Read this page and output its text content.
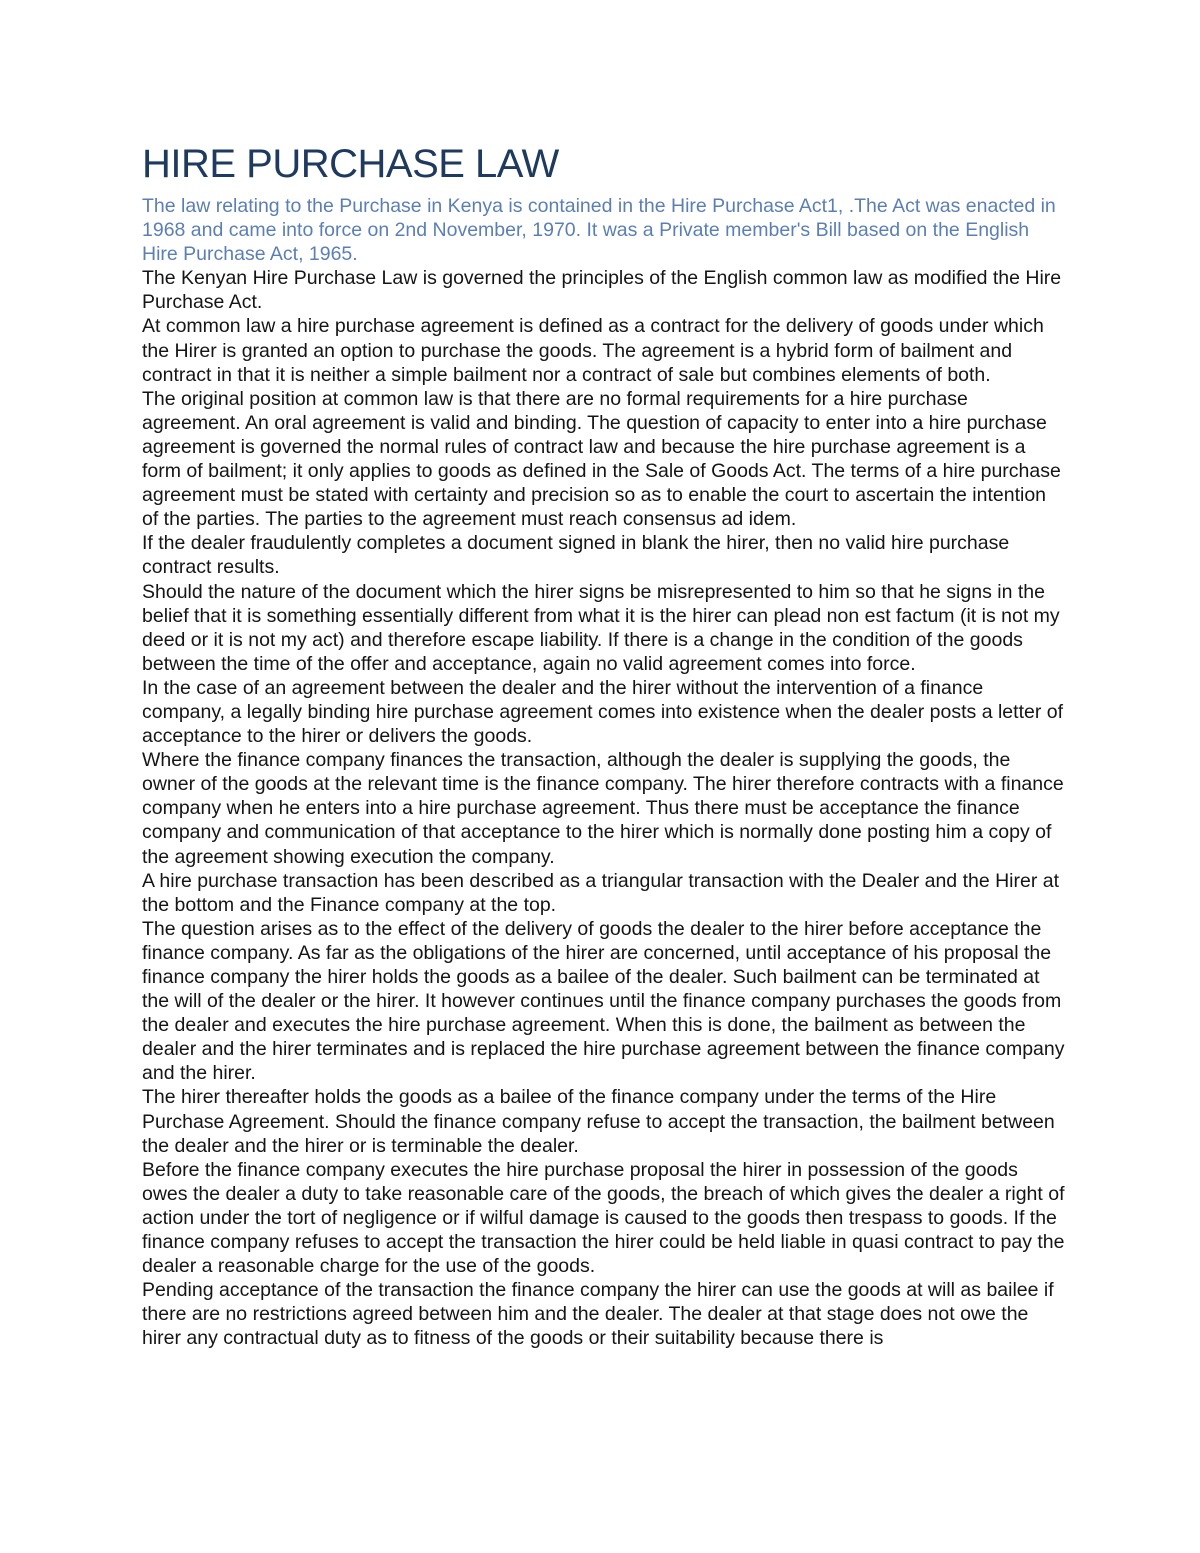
HIRE PURCHASE LAW

The law relating to the Purchase in Kenya is contained in the Hire Purchase Act1, .The Act was enacted in 1968 and came into force on 2nd November, 1970. It was a Private member's Bill based on the English Hire Purchase Act, 1965.

The Kenyan Hire Purchase Law is governed the principles of the English common law as modified the Hire Purchase Act.

At common law a hire purchase agreement is defined as a contract for the delivery of goods under which the Hirer is granted an option to purchase the goods. The agreement is a hybrid form of bailment and contract in that it is neither a simple bailment nor a contract of sale but combines elements of both.

The original position at common law is that there are no formal requirements for a hire purchase agreement. An oral agreement is valid and binding. The question of capacity to enter into a hire purchase agreement is governed the normal rules of contract law and because the hire purchase agreement is a form of bailment; it only applies to goods as defined in the Sale of Goods Act. The terms of a hire purchase agreement must be stated with certainty and precision so as to enable the court to ascertain the intention of the parties. The parties to the agreement must reach consensus ad idem.

If the dealer fraudulently completes a document signed in blank the hirer, then no valid hire purchase contract results.

Should the nature of the document which the hirer signs be misrepresented to him so that he signs in the belief that it is something essentially different from what it is the hirer can plead non est factum (it is not my deed or it is not my act) and therefore escape liability. If there is a change in the condition of the goods between the time of the offer and acceptance, again no valid agreement comes into force.

In the case of an agreement between the dealer and the hirer without the intervention of a finance company, a legally binding hire purchase agreement comes into existence when the dealer posts a letter of acceptance to the hirer or delivers the goods.

Where the finance company finances the transaction, although the dealer is supplying the goods, the owner of the goods at the relevant time is the finance company. The hirer therefore contracts with a finance company when he enters into a hire purchase agreement. Thus there must be acceptance the finance company and communication of that acceptance to the hirer which is normally done posting him a copy of the agreement showing execution the company.

A hire purchase transaction has been described as a triangular transaction with the Dealer and the Hirer at the bottom and the Finance company at the top.

The question arises as to the effect of the delivery of goods the dealer to the hirer before acceptance the finance company. As far as the obligations of the hirer are concerned, until acceptance of his proposal the finance company the hirer holds the goods as a bailee of the dealer. Such bailment can be terminated at the will of the dealer or the hirer. It however continues until the finance company purchases the goods from the dealer and executes the hire purchase agreement. When this is done, the bailment as between the dealer and the hirer terminates and is replaced the hire purchase agreement between the finance company and the hirer.

The hirer thereafter holds the goods as a bailee of the finance company under the terms of the Hire Purchase Agreement. Should the finance company refuse to accept the transaction, the bailment between the dealer and the hirer or is terminable the dealer.

Before the finance company executes the hire purchase proposal the hirer in possession of the goods owes the dealer a duty to take reasonable care of the goods, the breach of which gives the dealer a right of action under the tort of negligence or if wilful damage is caused to the goods then trespass to goods. If the finance company refuses to accept the transaction the hirer could be held liable in quasi contract to pay the dealer a reasonable charge for the use of the goods.

Pending acceptance of the transaction the finance company the hirer can use the goods at will as bailee if there are no restrictions agreed between him and the dealer. The dealer at that stage does not owe the hirer any contractual duty as to fitness of the goods or their suitability because there is
